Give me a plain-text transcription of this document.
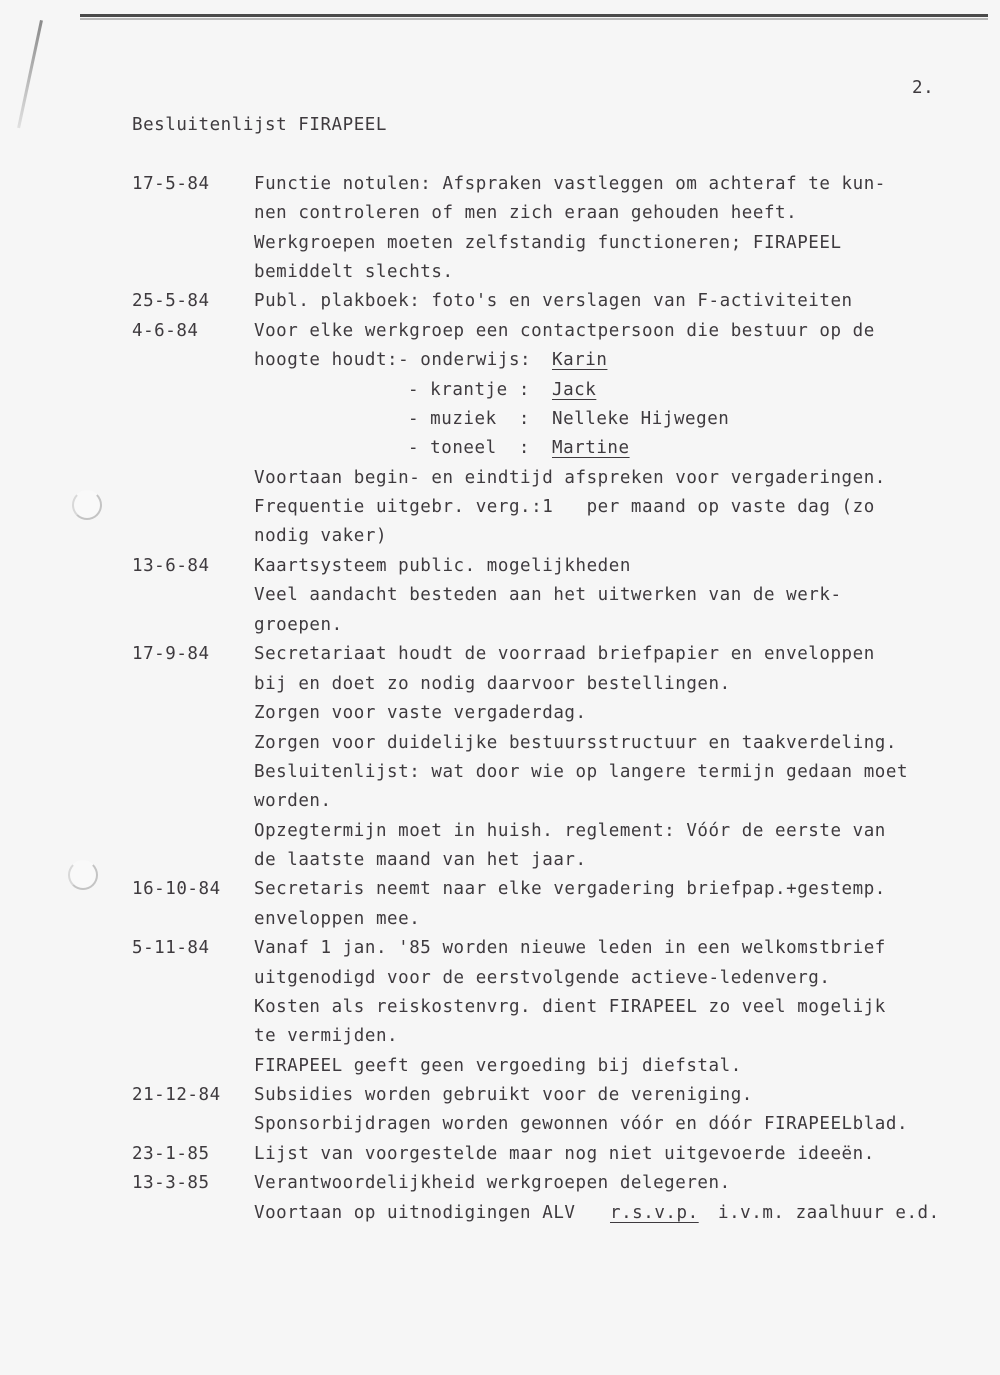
2.
Besluitenlijst FIRAPEEL
17-5-84	Functie notulen: Afspraken vastleggen om achteraf te kun-
nen controleren of men zich eraan gehouden heeft.
Werkgroepen moeten zelfstandig functioneren; FIRAPEEL
bemiddelt slechts.
25-5-84	Publ. plakboek: foto's en verslagen van F-activiteiten
4-6-84	Voor elke werkgroep een contactpersoon die bestuur op de
hoogte houdt:- onderwijs: Karin
- krantje : Jack
- muziek  : Nelleke Hijwegen
- toneel  : Martine
Voortaan begin- en eindtijd afspreken voor vergaderingen.
Frequentie uitgebr. verg.:1   per maand op vaste dag (zo
nodig vaker)
13-6-84	Kaartsysteem public. mogelijkheden
Veel aandacht besteden aan het uitwerken van de werk-
groepen.
17-9-84	Secretariaat houdt de voorraad briefpapier en enveloppen
bij en doet zo nodig daarvoor bestellingen.
Zorgen voor vaste vergaderdag.
Zorgen voor duidelijke bestuursstructuur en taakverdeling.
Besluitenlijst: wat door wie op langere termijn gedaan moet
worden.
Opzegtermijn moet in huish. reglement: Vóór de eerste van
de laatste maand van het jaar.
16-10-84 Secretaris neemt naar elke vergadering briefpap.+gestemp.
enveloppen mee.
5-11-84	Vanaf 1 jan. '85 worden nieuwe leden in een welkomstbrief
uitgenodigd voor de eerstvolgende actieve-ledenverg.
Kosten als reiskostenvrg. dient FIRAPEEL zo veel mogelijk
te vermijden.
FIRAPEEL geeft geen vergoeding bij diefstal.
21-12-84 Subsidies worden gebruikt voor de vereniging.
Sponsorbijdragen worden gewonnen vóór en dóór FIRAPEELblad.
23-1-85	Lijst van voorgestelde maar nog niet uitgevoerde ideeën.
13-3-85	Verantwoordelijkheid werkgroepen delegeren.
Voortaan op uitnodigingen ALV r.s.v.p. i.v.m. zaalhuur e.d.
